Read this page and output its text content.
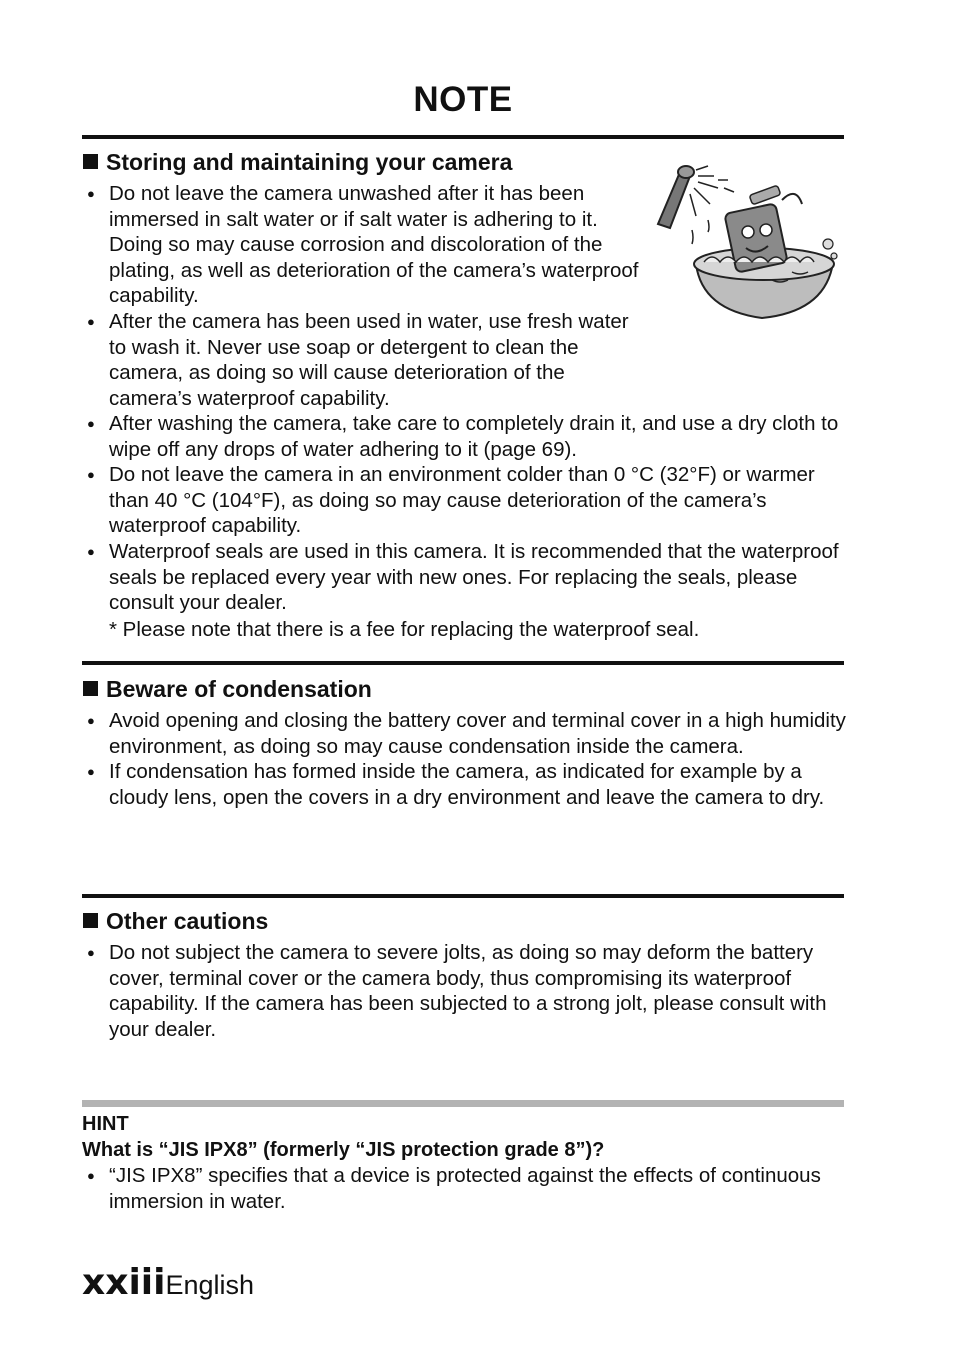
NOTE
Storing and maintaining your camera
● Do not leave the camera unwashed after it has been immersed in salt water or if salt water is adhering to it. Doing so may cause corrosion and discoloration of the plating, as well as deterioration of the camera’s waterproof capability.
● After the camera has been used in water, use fresh water to wash it. Never use soap or detergent to clean the camera, as doing so will cause deterioration of the camera’s waterproof capability.
● After washing the camera, take care to completely drain it, and use a dry cloth to wipe off any drops of water adhering to it (page 69).
● Do not leave the camera in an environment colder than 0 °C (32°F) or warmer than 40 °C (104°F), as doing so may cause deterioration of the camera’s waterproof capability.
● Waterproof seals are used in this camera. It is recommended that the waterproof seals be replaced every year with new ones. For replacing the seals, please consult your dealer.
* Please note that there is a fee for replacing the waterproof seal.
Beware of condensation
● Avoid opening and closing the battery cover and terminal cover in a high humidity environment, as doing so may cause condensation inside the camera.
● If condensation has formed inside the camera, as indicated for example by a cloudy lens, open the covers in a dry environment and leave the camera to dry.
Other cautions
● Do not subject the camera to severe jolts, as doing so may deform the battery cover, terminal cover or the camera body, thus compromising its waterproof capability. If the camera has been subjected to a strong jolt, please consult with your dealer.
HINT
What is “JIS IPX8” (formerly “JIS protection grade 8”)?
● “JIS IPX8” specifies that a device is protected against the effects of continuous immersion in water.
xxiiiEnglish
